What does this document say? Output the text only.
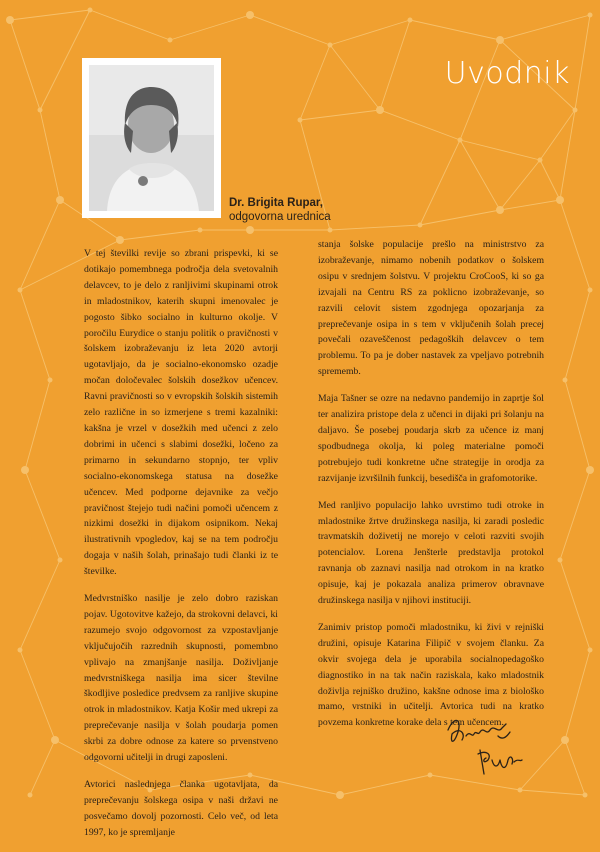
Uvodnik
Dr. Brigita Rupar,
odgovorna urednica

V tej številki revije so zbrani prispevki, ki se dotikajo pomembnega področja dela svetovalnih delavcev, to je delo z ranljivimi skupinami otrok in mladostnikov, katerih skupni imenovalec je pogosto šibko socialno in kulturno okolje. V poročilu Eurydice o stanju politik o pravičnosti v šolskem izobraževanju iz leta 2020 avtorji ugotavljajo, da je socialno-ekonomsko ozadje močan določevalec šolskih dosežkov učencev. Ravni pravičnosti so v evropskih šolskih sistemih zelo različne in so izmerjene s tremi kazalniki: kakšna je vrzel v dosežkih med učenci z zelo dobrimi in učenci s slabimi dosežki, ločeno za primarno in sekundarno stopnjo, ter vpliv socialno-ekonomskega statusa na dosežke učencev. Med podporne dejavnike za večjo pravičnost štejejo tudi načini pomoči učencem z nizkimi dosežki in dijakom osipnikom. Nekaj ilustrativnih vpogledov, kaj se na tem področju dogaja v naših šolah, prinašajo tudi članki iz te številke.

Medvrstniško nasilje je zelo dobro raziskan pojav. Ugotovitve kažejo, da strokovni delavci, ki razumejo svojo odgovornost za vzpostavljanje vključujočih razrednih skupnosti, pomembno vplivajo na zmanjšanje nasilja. Doživljanje medvrstniškega nasilja ima sicer številne škodljive posledice predvsem za ranljive skupine otrok in mladostnikov. Katja Košir med ukrepi za preprečevanje nasilja v šolah poudarja pomen skrbi za dobre odnose za katere so prvenstveno odgovorni učitelji in drugi zaposleni.

Avtorici naslednjega članka ugotavljata, da preprečevanju šolskega osipa v naši državi ne posvečamo dovolj pozornosti. Celo več, od leta 1997, ko je spremljanje

stanja šolske populacije prešlo na ministrstvo za izobraževanje, nimamo nobenih podatkov o šolskem osipu v srednjem šolstvu. V projektu CroCooS, ki so ga izvajali na Centru RS za poklicno izobraževanje, so razvili celovit sistem zgodnjega opozarjanja za preprečevanje osipa in s tem v vključenih šolah precej povečali ozaveščenost pedagoških delavcev o tem problemu. To pa je dober nastavek za vpeljavo potrebnih sprememb.

Maja Tašner se ozre na nedavno pandemijo in zaprtje šol ter analizira pristope dela z učenci in dijaki pri šolanju na daljavo. Še posebej poudarja skrb za učence iz manj spodbudnega okolja, ki poleg materialne pomoči potrebujejo tudi konkretne učne strategije in orodja za razvijanje izvršilnih funkcij, besedišča in grafomotorike.

Med ranljivo populacijo lahko uvrstimo tudi otroke in mladostnike žrtve družinskega nasilja, ki zaradi posledic travmatskih doživetij ne morejo v celoti razviti svojih potencialov. Lorena Jenšterle predstavlja protokol ravnanja ob zaznavi nasilja nad otrokom in na kratko opisuje, kaj je pokazala analiza primerov obravnave družinskega nasilja v njihovi instituciji.

Zanimiv pristop pomoči mladostniku, ki živi v rejniški družini, opisuje Katarina Filipič v svojem članku. Za okvir svojega dela je uporabila socialnopedagoško diagnostiko in na tak način raziskala, kako mladostnik doživlja rejniško družino, kakšne odnose ima z biološko mamo, vrstniki in učitelji. Avtorica tudi na kratko povzema konkretne korake dela s tem učencem.
